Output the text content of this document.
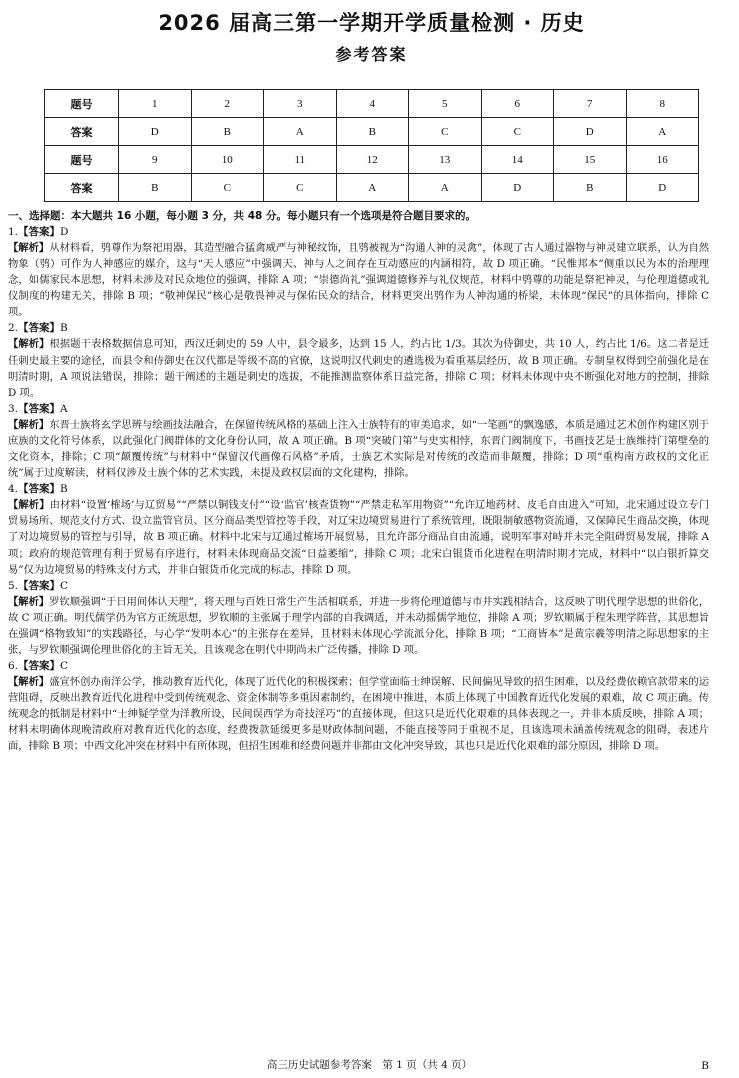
2026 届高三第一学期开学质量检测 · 历史
参考答案
题号	1	2	3	4	5	6	7	8
答案	D	B	A	B	C	C	D	A
题号	9	10	11	12	13	14	15	16
答案	B	C	C	A	A	D	B	D
一、选择题：本大题共 16 小题，每小题 3 分，共 48 分。每小题只有一个选项是符合题目要求的。
1.【答案】D
【解析】从材料看，鸮尊作为祭祀用器，其造型融合猛禽威严与神秘纹饰，且鸮被视为“沟通人神的灵禽”，体现了古人通过器物与神灵建立联系，认为自然物象（鸮）可作为人神感应的媒介，这与“天人感应”中强调天、神与人之间存在互动感应的内涵相符，故 D 项正确。“民惟邦本”侧重以民为本的治理理念，如儒家民本思想，材料未涉及对民众地位的强调，排除 A 项；“崇德尚礼”强调道德修养与礼仪规范，材料中鸮尊的功能是祭祀神灵，与伦理道德或礼仪制度的构建无关，排除 B 项；“敬神保民”核心是敬畏神灵与保佑民众的结合，材料更突出鸮作为人神沟通的桥梁，未体现“保民”的具体指向，排除 C 项。
2.【答案】B
【解析】根据题干表格数据信息可知，西汉迁刺史的 59 人中，县令最多，达到 15 人，约占比 1/3。其次为侍御史，共 10 人，约占比 1/6。这二者是迁任刺史最主要的途径，而县令和侍御史在汉代都是等级不高的官僚，这说明汉代刺史的遴选极为看重基层经历，故 B 项正确。专制皇权得到空前强化是在明清时期，A 项说法错误，排除；题干阐述的主题是刺史的选拔，不能推测监察体系日益完备，排除 C 项；材料未体现中央不断强化对地方的控制，排除 D 项。
3.【答案】A
【解析】东晋士族将玄学思辨与绘画技法融合，在保留传统风格的基础上注入士族特有的审美追求，如“一笔画”的飘逸感，本质是通过艺术创作构建区别于庶族的文化符号体系，以此强化门阀群体的文化身份认同，故 A 项正确。B 项“突破门第”与史实相悖，东晋门阀制度下，书画技艺是士族维持门第壁垒的文化资本，排除；C 项“颠覆传统”与材料中“保留汉代画像石风格”矛盾，士族艺术实际是对传统的改造而非颠覆，排除；D 项“重构南方政权的文化正统”属于过度解读，材料仅涉及士族个体的艺术实践，未提及政权层面的文化建构，排除。
4.【答案】B
【解析】由材料“设置‘榷场’与辽贸易”“严禁以铜钱支付”“设‘监官’核查货物”“严禁走私军用物资”“允许辽地药材、皮毛自由进入”可知，北宋通过设立专门贸易场所、规范支付方式、设立监管官员、区分商品类型管控等手段，对辽宋边境贸易进行了系统管理，既限制敏感物资流通，又保障民生商品交换，体现了对边境贸易的管控与引导，故 B 项正确。材料中北宋与辽通过榷场开展贸易，且允许部分商品自由流通，说明军事对峙并未完全阻碍贸易发展，排除 A 项；政府的规范管理有利于贸易有序进行，材料未体现商品交流“日益萎缩”，排除 C 项；北宋白银货币化进程在明清时期才完成，材料中“以白银折算交易”仅为边境贸易的特殊支付方式，并非白银货币化完成的标志，排除 D 项。
5.【答案】C
【解析】罗钦顺强调“于日用间体认天理”，将天理与百姓日常生产生活相联系，并进一步将伦理道德与市井实践相结合，这反映了明代理学思想的世俗化，故 C 项正确。明代儒学仍为官方正统思想，罗钦顺的主张属于理学内部的自我调适，并未动摇儒学地位，排除 A 项；罗钦顺属于程朱理学阵营，其思想旨在强调“格物致知”的实践路径，与心学“发明本心”的主张存在差异，且材料未体现心学流派分化，排除 B 项；“工商皆本”是黄宗羲等明清之际思想家的主张，与罗钦顺强调伦理世俗化的主旨无关，且该观念在明代中期尚未广泛传播，排除 D 项。
6.【答案】C
【解析】盛宣怀创办南洋公学，推动教育近代化，体现了近代化的积极探索；但学堂面临士绅误解、民间偏见导致的招生困难，以及经费依赖官款带来的运营阻碍，反映出教育近代化进程中受到传统观念、资金体制等多重因素制约，在困境中推进，本质上体现了中国教育近代化发展的艰难，故 C 项正确。传统观念的抵制是材料中“士绅疑学堂为洋教所设，民间误西学为奇技淫巧”的直接体现，但这只是近代化艰难的具体表现之一，并非本质反映，排除 A 项；材料未明确体现晚清政府对教育近代化的态度，经费拨款延缓更多是财政体制问题，不能直接等同于重视不足，且该选项未涵盖传统观念的阻碍，表述片面，排除 B 项；中西文化冲突在材料中有所体现，但招生困难和经费问题并非都由文化冲突导致，其也只是近代化艰难的部分原因，排除 D 项。
高三历史试题参考答案　第 1 页（共 4 页）	B
